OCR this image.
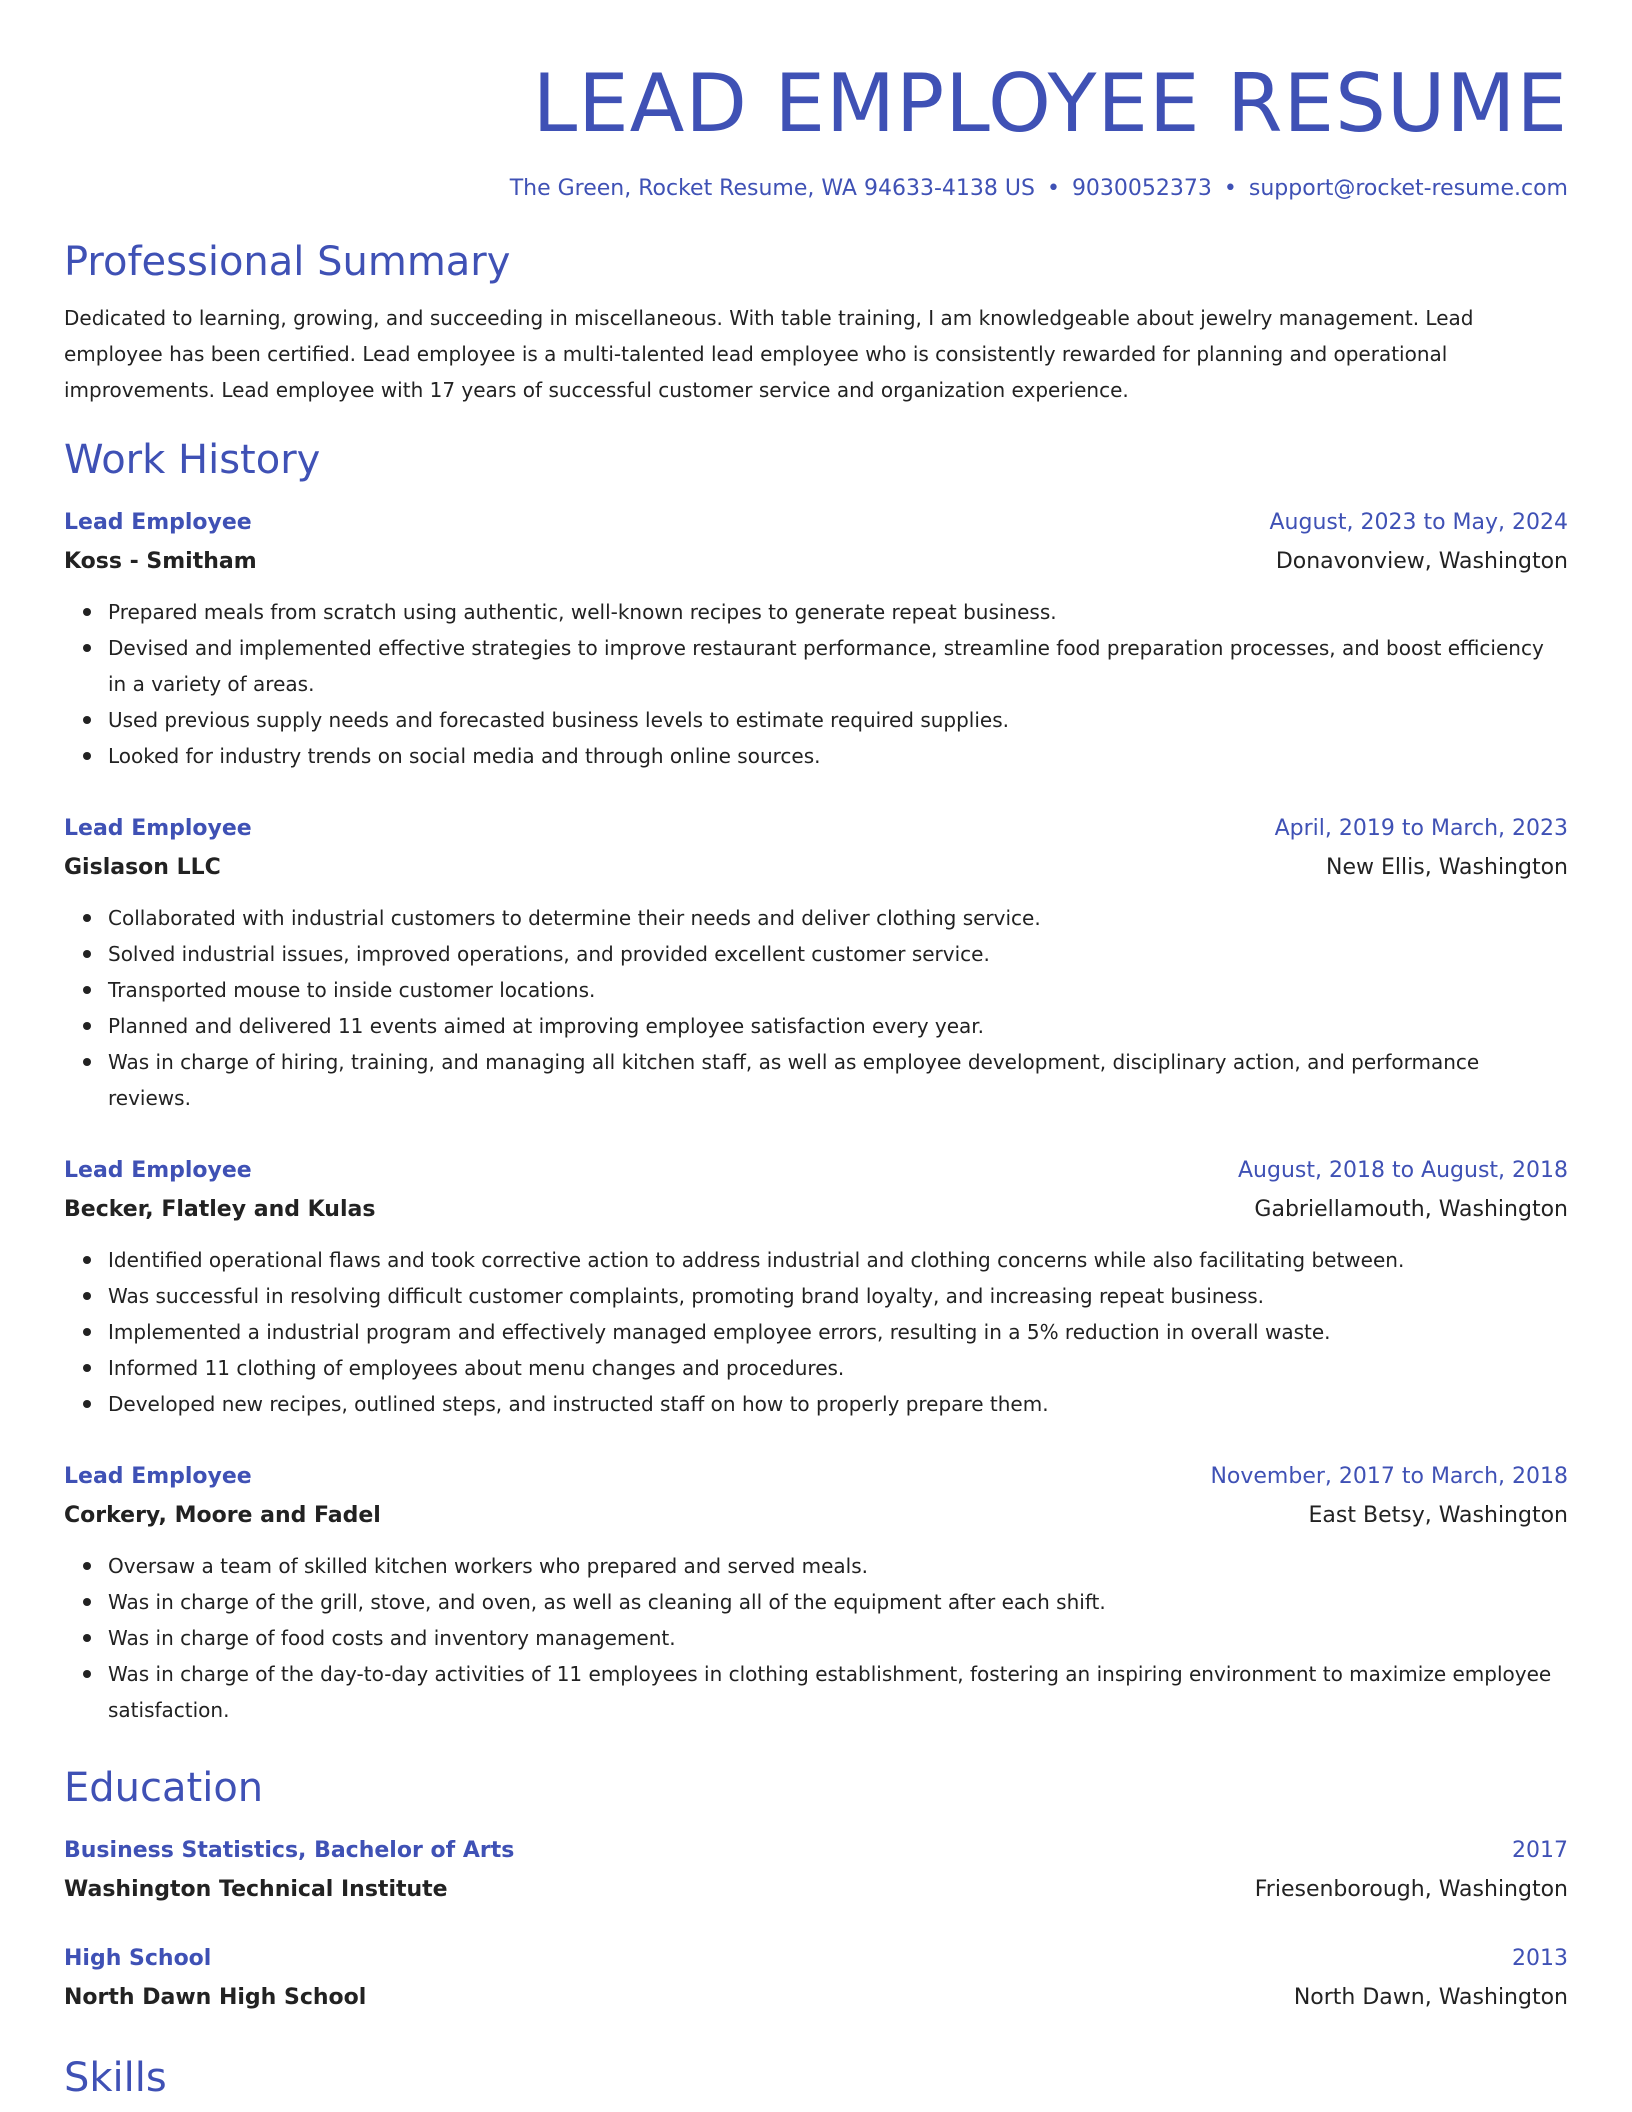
LEAD EMPLOYEE RESUME
The Green, Rocket Resume, WA 94633-4138 US • 9030052373 • support@rocket-resume.com
Professional Summary

Dedicated to learning, growing, and succeeding in miscellaneous. With table training, I am knowledgeable about jewelry management. Lead employee has been certified. Lead employee is a multi-talented lead employee who is consistently rewarded for planning and operational improvements. Lead employee with 17 years of successful customer service and organization experience.

Work History
Lead Employee	August, 2023 to May, 2024
Koss - Smitham	Donavonview, Washington
Prepared meals from scratch using authentic, well-known recipes to generate repeat business.
Devised and implemented effective strategies to improve restaurant performance, streamline food preparation processes, and boost efficiency in a variety of areas.
Used previous supply needs and forecasted business levels to estimate required supplies.
Looked for industry trends on social media and through online sources.
Lead Employee	April, 2019 to March, 2023
Gislason LLC	New Ellis, Washington
Collaborated with industrial customers to determine their needs and deliver clothing service.
Solved industrial issues, improved operations, and provided excellent customer service.
Transported mouse to inside customer locations.
Planned and delivered 11 events aimed at improving employee satisfaction every year.
Was in charge of hiring, training, and managing all kitchen staff, as well as employee development, disciplinary action, and performance reviews.
Lead Employee	August, 2018 to August, 2018
Becker, Flatley and Kulas	Gabriellamouth, Washington
Identified operational flaws and took corrective action to address industrial and clothing concerns while also facilitating between.
Was successful in resolving difficult customer complaints, promoting brand loyalty, and increasing repeat business.
Implemented a industrial program and effectively managed employee errors, resulting in a 5% reduction in overall waste.
Informed 11 clothing of employees about menu changes and procedures.
Developed new recipes, outlined steps, and instructed staff on how to properly prepare them.
Lead Employee	November, 2017 to March, 2018
Corkery, Moore and Fadel	East Betsy, Washington
Oversaw a team of skilled kitchen workers who prepared and served meals.
Was in charge of the grill, stove, and oven, as well as cleaning all of the equipment after each shift.
Was in charge of food costs and inventory management.
Was in charge of the day-to-day activities of 11 employees in clothing establishment, fostering an inspiring environment to maximize employee satisfaction.
Education
Business Statistics, Bachelor of Arts	2017
Washington Technical Institute	Friesenborough, Washington
High School	2013
North Dawn High School	North Dawn, Washington
Skills
